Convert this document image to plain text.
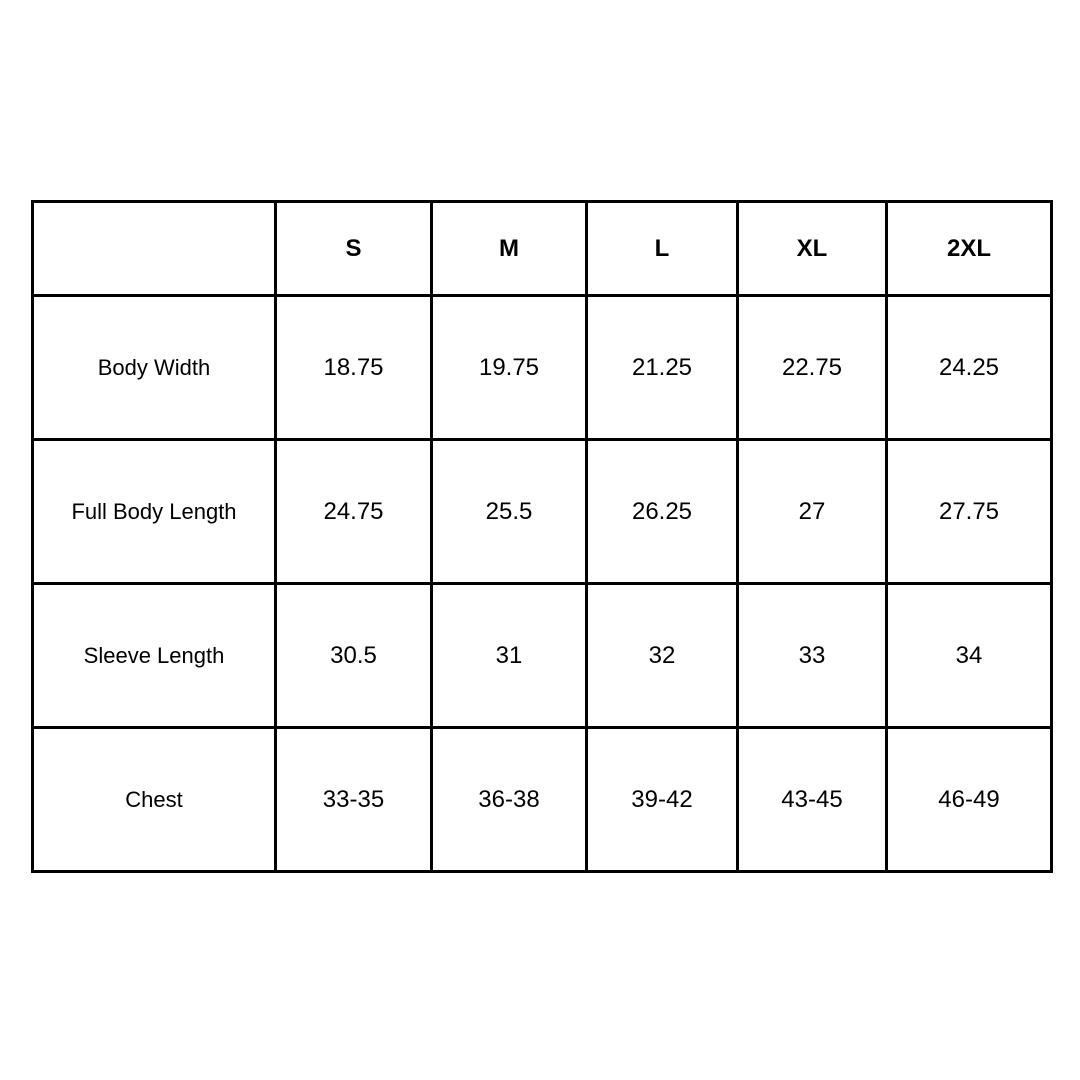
	S	M	L	XL	2XL
Body Width	18.75	19.75	21.25	22.75	24.25
Full Body Length	24.75	25.5	26.25	27	27.75
Sleeve Length	30.5	31	32	33	34
Chest	33-35	36-38	39-42	43-45	46-49
